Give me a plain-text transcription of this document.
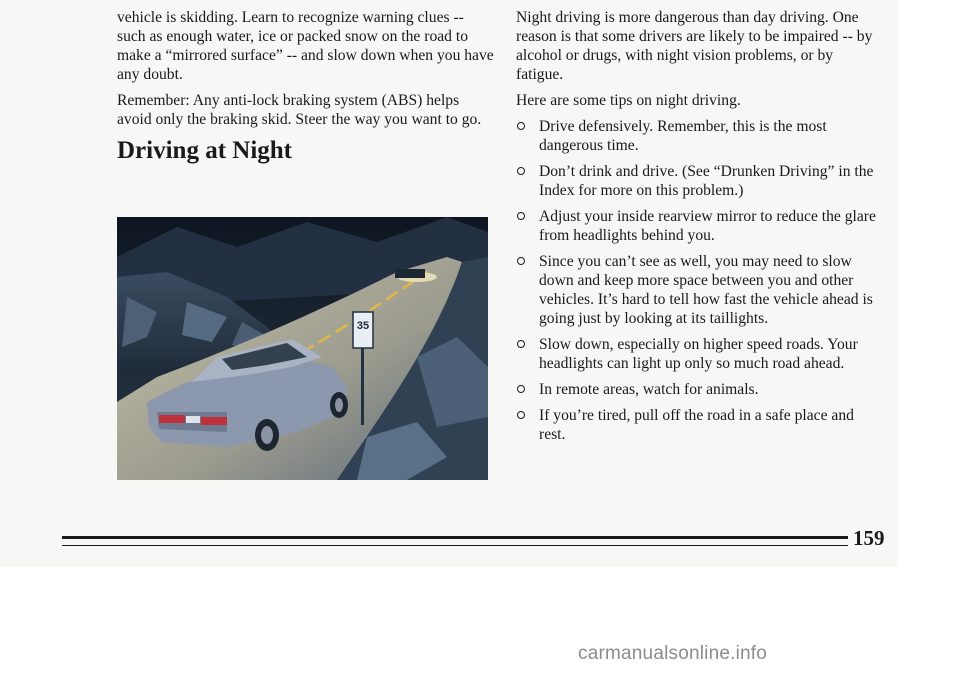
vehicle is skidding. Learn to recognize warning clues -- such as enough water, ice or packed snow on the road to make a “mirrored surface” -- and slow down when you have any doubt.

Remember: Any anti-lock braking system (ABS) helps avoid only the braking skid. Steer the way you want to go.

Driving at Night
35

Night driving is more dangerous than day driving. One reason is that some drivers are likely to be impaired -- by alcohol or drugs, with night vision problems, or by fatigue.

Here are some tips on night driving.

Drive defensively. Remember, this is the most dangerous time.
Don’t drink and drive. (See “Drunken Driving” in the Index for more on this problem.)
Adjust your inside rearview mirror to reduce the glare from headlights behind you.
Since you can’t see as well, you may need to slow down and keep more space between you and other vehicles. It’s hard to tell how fast the vehicle ahead is going just by looking at its taillights.
Slow down, especially on higher speed roads. Your headlights can light up only so much road ahead.
In remote areas, watch for animals.
If you’re tired, pull off the road in a safe place and rest.
159
carmanualsonline.info
